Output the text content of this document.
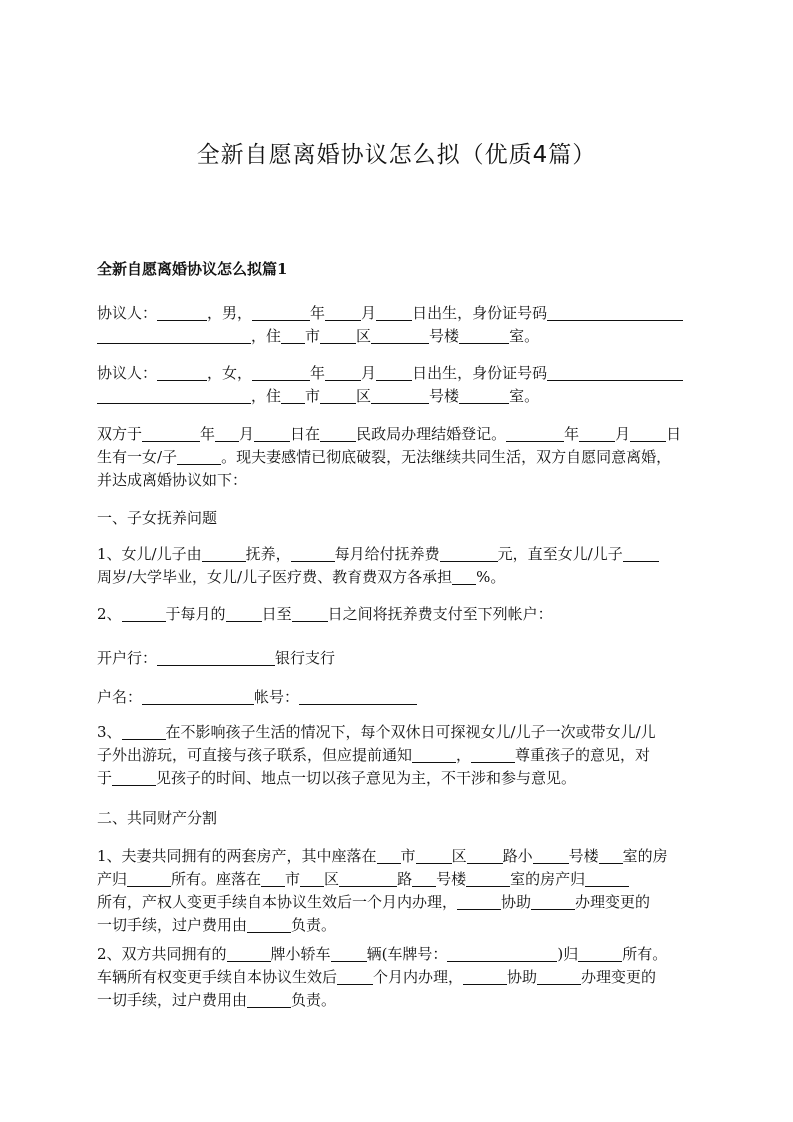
全新自愿离婚协议怎么拟（优质4篇）
全新自愿离婚协议怎么拟篇1
协议人：	，男，	年 月 日出生，身份证号码
，住 市 区	号楼	室。
协议人：	，女，	年 月 日出生，身份证号码
，住 市 区	号楼	室。
双方于	年 月 日在 民政局办理结婚登记。	年 月 日
生有一女/子	。现夫妻感情已彻底破裂，无法继续共同生活，双方自愿同意离婚，
并达成离婚协议如下：
一、子女抚养问题
1、女儿/儿子由	抚养，	每月给付抚养费	元，直至女儿/儿子
周岁/大学毕业，女儿/儿子医疗费、教育费双方各承担 %。
2、	于每月的 日至 日之间将抚养费支付至下列帐户：
开户行：	银行支行
户名：	帐号：
3、	在不影响孩子生活的情况下，每个双休日可探视女儿/儿子一次或带女儿/儿
子外出游玩，可直接与孩子联系，但应提前通知	，	尊重孩子的意见，对
于	见孩子的时间、地点一切以孩子意见为主，不干涉和参与意见。
二、共同财产分割
1、夫妻共同拥有的两套房产，其中座落在 市 区 路小 号楼 室的房
产归	所有。座落在 市 区	路 号楼	室的房产归
所有，产权人变更手续自本协议生效后一个月内办理，	协助	办理变更的
一切手续，过户费用由	负责。
2、双方共同拥有的	牌小轿车 辆(车牌号：	)归	所有。
车辆所有权变更手续自本协议生效后 个月内办理，	协助	办理变更的
一切手续，过户费用由	负责。
